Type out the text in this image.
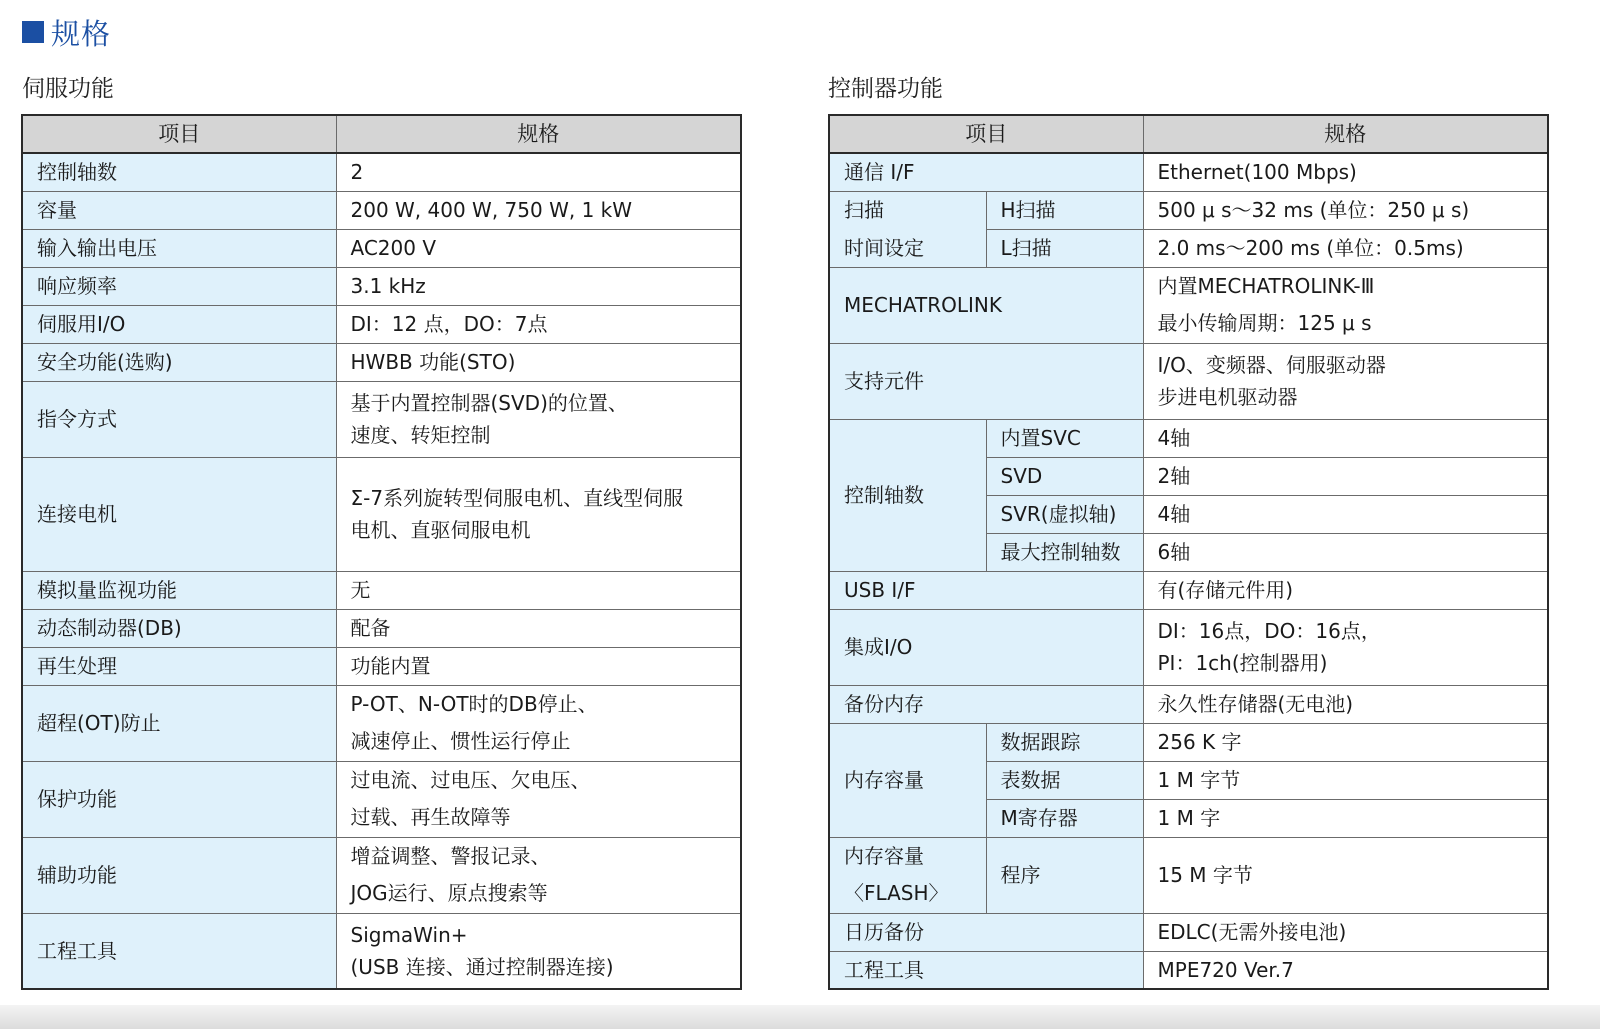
规格
伺服功能	控制器功能
项目	规格
控制轴数	2
容量	200 W, 400 W, 750 W, 1 kW
输入输出电压	AC200 V
响应频率	3.1 kHz
伺服用I/O	DI：12 点，DO：7点
安全功能(选购)	HWBB 功能(STO)
指令方式	基于内置控制器(SVD)的位置、
速度、转矩控制

连接电机	Σ-7系列旋转型伺服电机、直线型伺服
电机、直驱伺服电机

模拟量监视功能	无
动态制动器(DB)	配备
再生处理	功能内置
超程(OT)防止	P-OT、N-OT时的DB停止、
减速停止、惯性运行停止

保护功能	过电流、过电压、欠电压、
过载、再生故障等

辅助功能	增益调整、警报记录、
JOG运行、原点搜索等

工程工具	SigmaWin+
(USB 连接、通过控制器连接)
项目		规格
通信 I/F		Ethernet(100 Mbps)

扫描
时间设定	H扫描	500 μ s～32 ms (单位：250 μ s)
	L扫描	2.0 ms～200 ms (单位：0.5ms)
MECHATROLINK		内置MECHATROLINK-Ⅲ
最小传输周期：125 μ s

支持元件		I/O、变频器、伺服驱动器
步进电机驱动器

控制轴数	内置SVC	4轴
	SVD	2轴
	SVR(虚拟轴)	4轴
	最大控制轴数	6轴
USB I/F		有(存储元件用)
集成I/O		DI：16点，DO：16点，
PI：1ch(控制器用)

备份内存		永久性存储器(无电池)
内存容量	数据跟踪	256 K 字
	表数据	1 M 字节
	M寄存器	1 M 字

内存容量
〈FLASH〉	程序	15 M 字节
日历备份		EDLC(无需外接电池)
工程工具		MPE720 Ver.7
